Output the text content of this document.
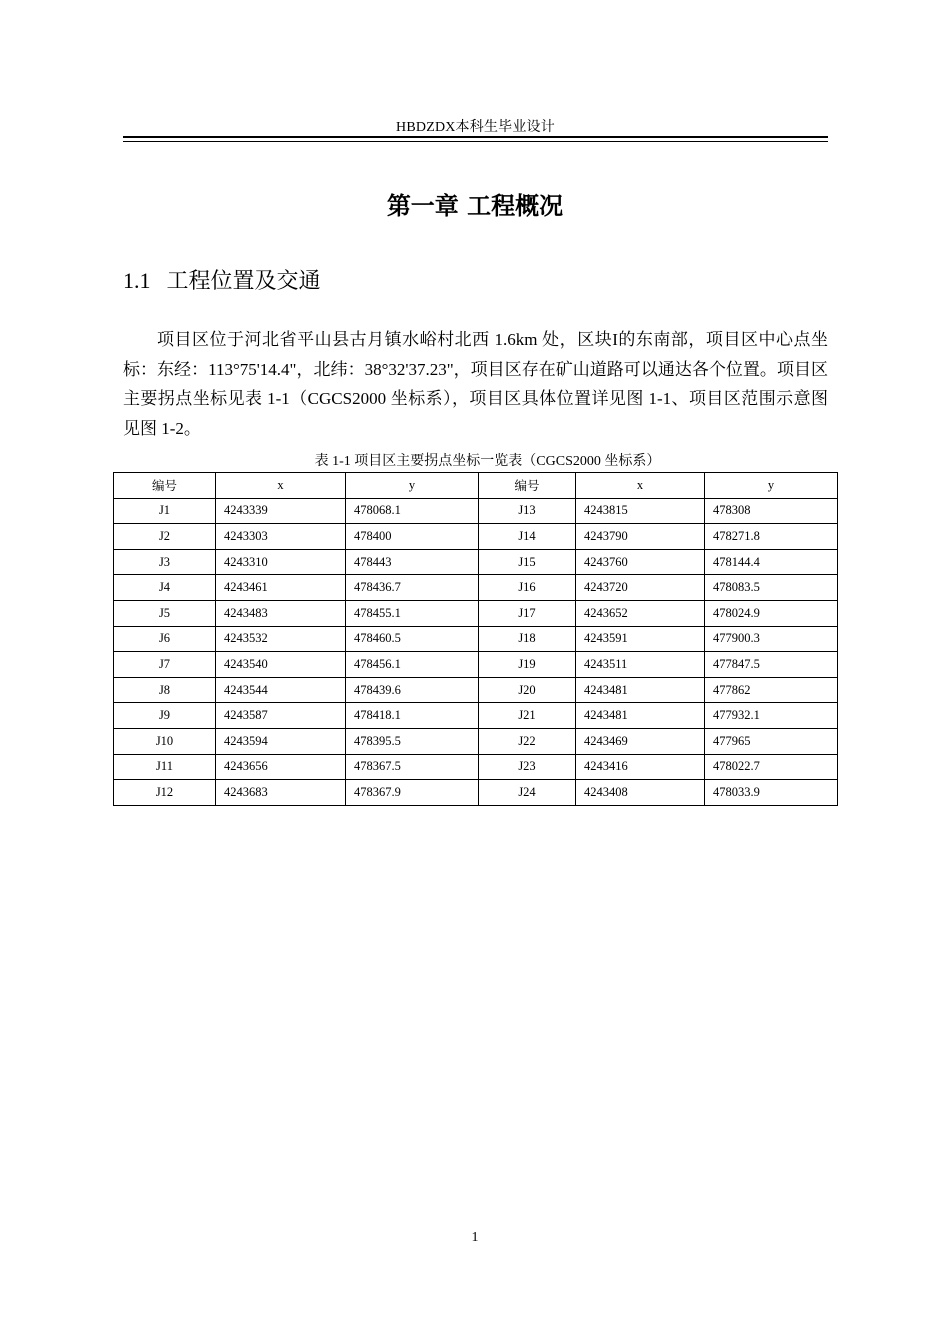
HBDZDX本科生毕业设计
第一章 工程概况
1.1 工程位置及交通
项目区位于河北省平山县古月镇水峪村北西 1.6km 处，区块I的东南部，项目区中心点坐标：东经：113°75'14.4"，北纬：38°32'37.23"，项目区存在矿山道路可以通达各个位置。项目区主要拐点坐标见表 1-1（CGCS2000 坐标系），项目区具体位置详见图 1-1、项目区范围示意图见图 1-2。
表 1-1 项目区主要拐点坐标一览表（CGCS2000 坐标系）
编号	x	y	编号	x	y
J1	4243339	478068.1	J13	4243815	478308
J2	4243303	478400	J14	4243790	478271.8
J3	4243310	478443	J15	4243760	478144.4
J4	4243461	478436.7	J16	4243720	478083.5
J5	4243483	478455.1	J17	4243652	478024.9
J6	4243532	478460.5	J18	4243591	477900.3
J7	4243540	478456.1	J19	4243511	477847.5
J8	4243544	478439.6	J20	4243481	477862
J9	4243587	478418.1	J21	4243481	477932.1
J10	4243594	478395.5	J22	4243469	477965
J11	4243656	478367.5	J23	4243416	478022.7
J12	4243683	478367.9	J24	4243408	478033.9
1
